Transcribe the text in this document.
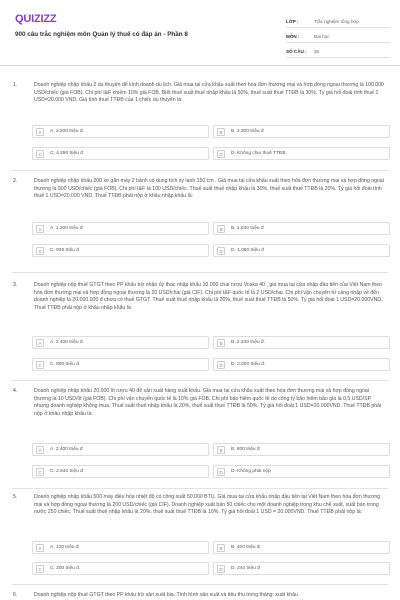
QUIZIZZ
900 câu trắc nghiệm môn Quản lý thuế có đáp án - Phần 8
LỚP :	Trắc nghiệm tổng hợp
MÔN :	Đại học
SỐ CÂU :	30
1.	Doanh nghiệp nhập khẩu 2 du thuyền để kinh doanh du lịch. Giá mua tại cửa khẩu xuất theo hóa đơn thương mại và hợp đồng ngoại thương là 100.000 USD/chiếc (giá FOB). Chi phí I&F chiếm 10% giá FOB. Biết thuế suất thuế nhập khẩu là 50%, thuế suất thuế TTĐB là 30%. Tỷ giá hối đoái tính thuế 1 USD=20.000 VND. Giá tính thuế TTĐB của 1 chiếc du thuyền là:
A	A. 2.200 triệu đ	B	B. 3.300 triệu đ
C	C. 4.290 triệu đ	D	D. Không chịu thuế TTĐB.
2.	Doanh nghiệp nhập khẩu 200 xe gắn máy 2 bánh có dung tích xy lanh 150 cm . Giá mua tại cửa khẩu xuất theo hóa đơn thương mại và hợp đồng ngoại thương là 900 USD/chiếc (giá FOB). Chi phí I&F là 100 USD/chiếc. Thuế suất thuế nhập khẩu là 30%, thuế suất thuế TTĐB là 20%. Tỷ giá hối đoái tính thuế 1 USD=20.000 VND. Thuế TTĐB phải nộp ở khâu nhập khẩu là:
A	A. 1.200 triệu đ	B	B. 1.040 triệu đ
C	C. 936 triệu đ	D	D. 1.080 triệu đ
3.	Doanh nghiệp nộp thuế GTGT theo PP khấu trừ nhận ủy thác nhập khẩu 10.000 chai rượu Voska 40 , giá mua tại cửa nhập đầu tiên của Việt Nam theo hóa đơn thương mại và hợp đồng ngoại thương là 20 USD/chai (giá CIF). Chi phí I&F quốc tế là 2 USD/chai. Chi phí vận chuyển từ cảng nhập về đến doanh nghiệp là 20.000.000 đ chưa có thuế GTGT. Thuế suất thuế nhập khẩu là 20%, thuế suất thuế TTĐB là 50%. Tỷ giá hối đoái 1 USD=20.000VND. Thuế TTĐB phải nộp ở khâu nhập khẩu là:
A	A. 2.400 triệu đ	B	B. 2.340 triệu đ.
C	C. 800 triệu đ.	D	D. 2.000 triệu đ.
4.	Doanh nghiệp nhập khẩu 20.000 lít rượu 40 để sản xuất hàng xuất khẩu. Giá mua tại cửa khẩu xuất theo hóa đơn thương mại và hợp đồng ngoại thương là 10 USD/lít (giá FOB). Chi phí vận chuyển quốc tế là 10% giá FOB. Chi phí bảo hiểm quốc tế do công ty bảo hiểm bảo giá là 0,5 USD/SP nhưng doanh nghiệp không mua. Thuế suất thuế nhập khẩu là 20%, thuế suất thuế TTĐB là 50%. Tỷ giá hối đoái 1 USD=20.000VND. Thuế TTĐB phải nộp ở khâu nhập khẩu là:
A	A. 2.400 triệu đ	B	B. 800 triệu đ
C	C. 2.640 triệu đ	D	D. Không phải nộp
5.	Doanh nghiệp nhập khẩu 500 máy điều hòa nhiệt độ có công suất 50.000 BTU. Giá mua tại cửa khẩu nhập đầu tiên tại Việt Nam theo hóa đơn thương mại và hợp đồng ngoại thương là 200 USD/chiếc (giá CIF). Doanh nghiệp xuất bán 50 chiếc cho một doanh nghiệp trong khu chế xuất, xuất bán trong nước 250 chiếc. Thuế suất thuế nhập khẩu là 20%, thuế suất thuế TTĐB là 10%. Tỷ giá hối đoái 1 USD = 20.000VND. Thuế TTĐB phải nộp là:
A	A. 120 triệu đ	B	B. 400 triệu đ.
C	C. 200 triệu đ.	D	D. 240 triệu đ
6.	Doanh nghiệp nộp thuế GTGT theo PP khấu trừ sản xuất bia. Tính hình sản xuất và tiêu thụ trong tháng: xuất khẩu
